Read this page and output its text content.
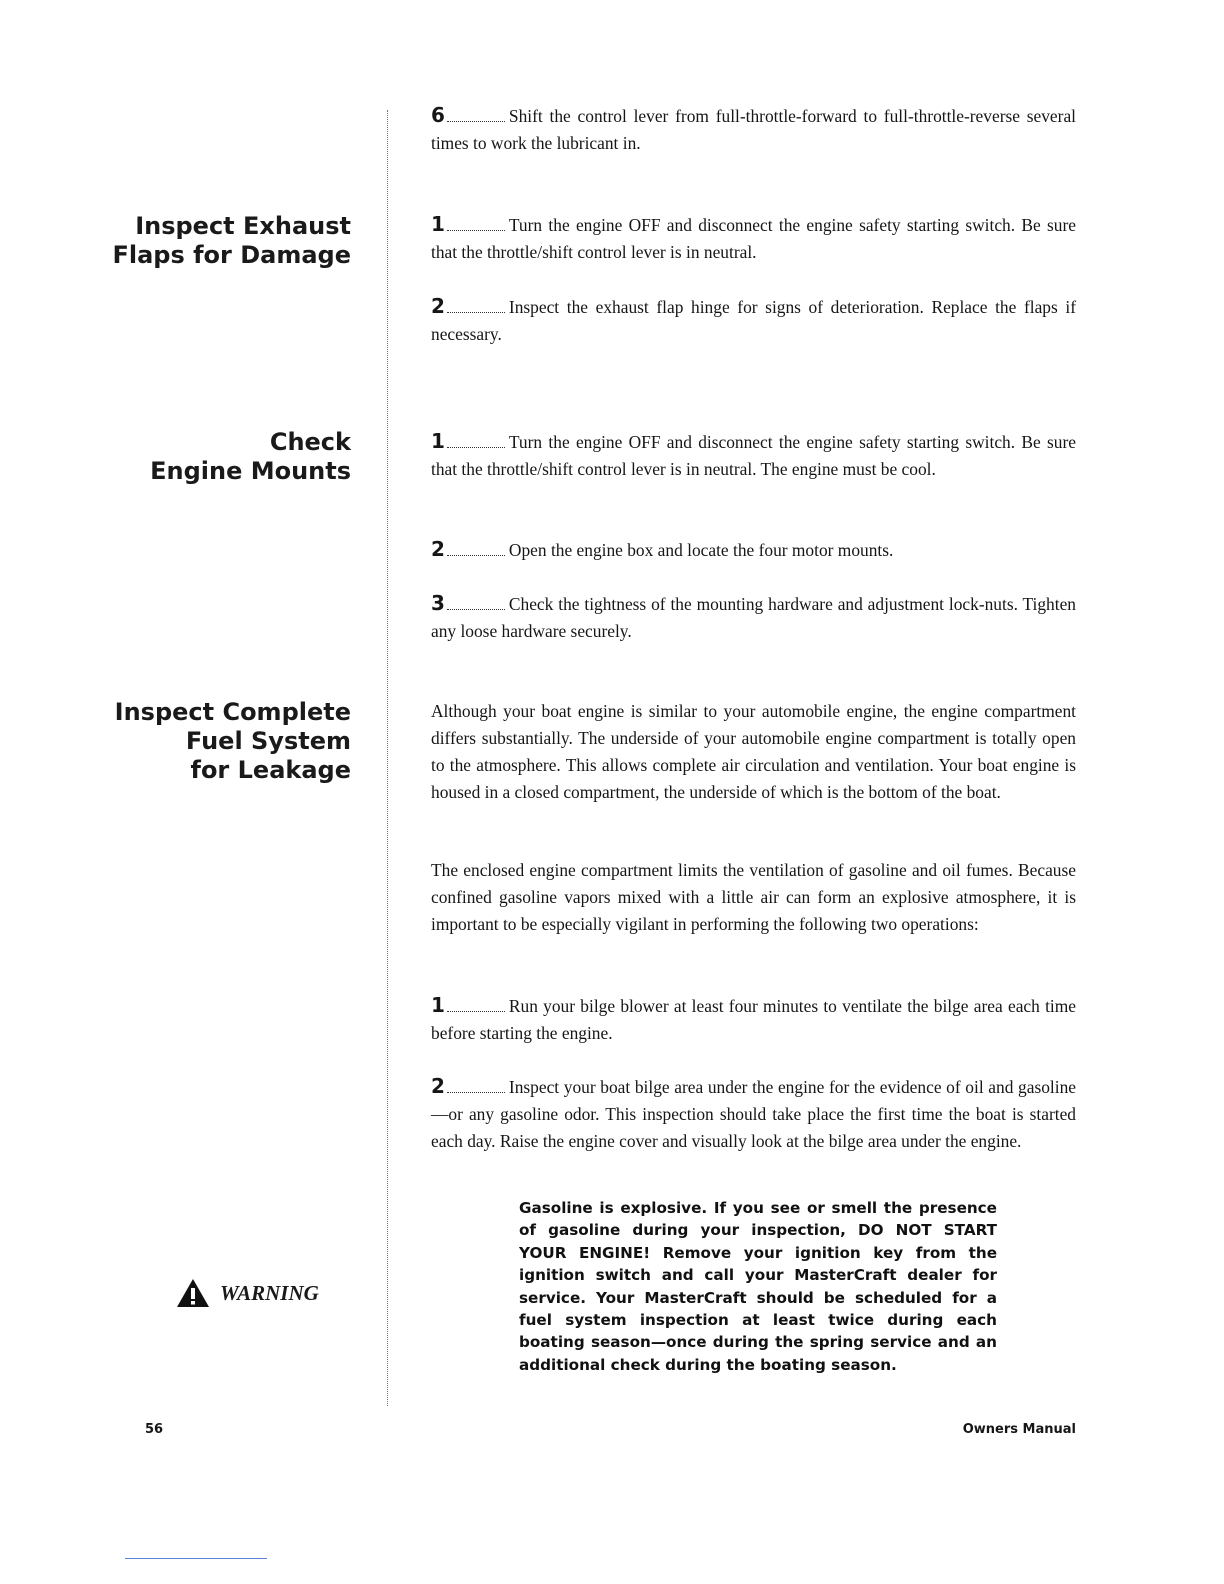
6	Shift the control lever from full-throttle-forward to full-throttle-reverse several times to work the lubricant in.
Inspect Exhaust
Flaps for Damage
1	Turn the engine OFF and disconnect the engine safety starting switch. Be sure that the throttle/shift control lever is in neutral.
2	Inspect the exhaust flap hinge for signs of deterioration. Replace the flaps if necessary.
Check
Engine Mounts
1	Turn the engine OFF and disconnect the engine safety starting switch. Be sure that the throttle/shift control lever is in neutral. The engine must be cool.
2	Open the engine box and locate the four motor mounts.
3	Check the tightness of the mounting hardware and adjustment lock-nuts. Tighten any loose hardware securely.
Inspect Complete
Fuel System
for Leakage
Although your boat engine is similar to your automobile engine, the engine compartment differs substantially. The underside of your automobile engine compartment is totally open to the atmosphere. This allows complete air circulation and ventilation. Your boat engine is housed in a closed compartment, the underside of which is the bottom of the boat.
The enclosed engine compartment limits the ventilation of gasoline and oil fumes. Because confined gasoline vapors mixed with a little air can form an explosive atmosphere, it is important to be especially vigilant in performing the following two operations:
1	Run your bilge blower at least four minutes to ventilate the bilge area each time before starting the engine.
2	Inspect your boat bilge area under the engine for the evidence of oil and gasoline—or any gasoline odor. This inspection should take place the first time the boat is started each day. Raise the engine cover and visually look at the bilge area under the engine.
WARNING
Gasoline is explosive. If you see or smell the presence of gasoline during your inspection, DO NOT START YOUR ENGINE! Remove your ignition key from the ignition switch and call your MasterCraft dealer for service. Your MasterCraft should be scheduled for a fuel system inspection at least twice during each boating season—once during the spring service and an additional check during the boating season.
56	Owners Manual
